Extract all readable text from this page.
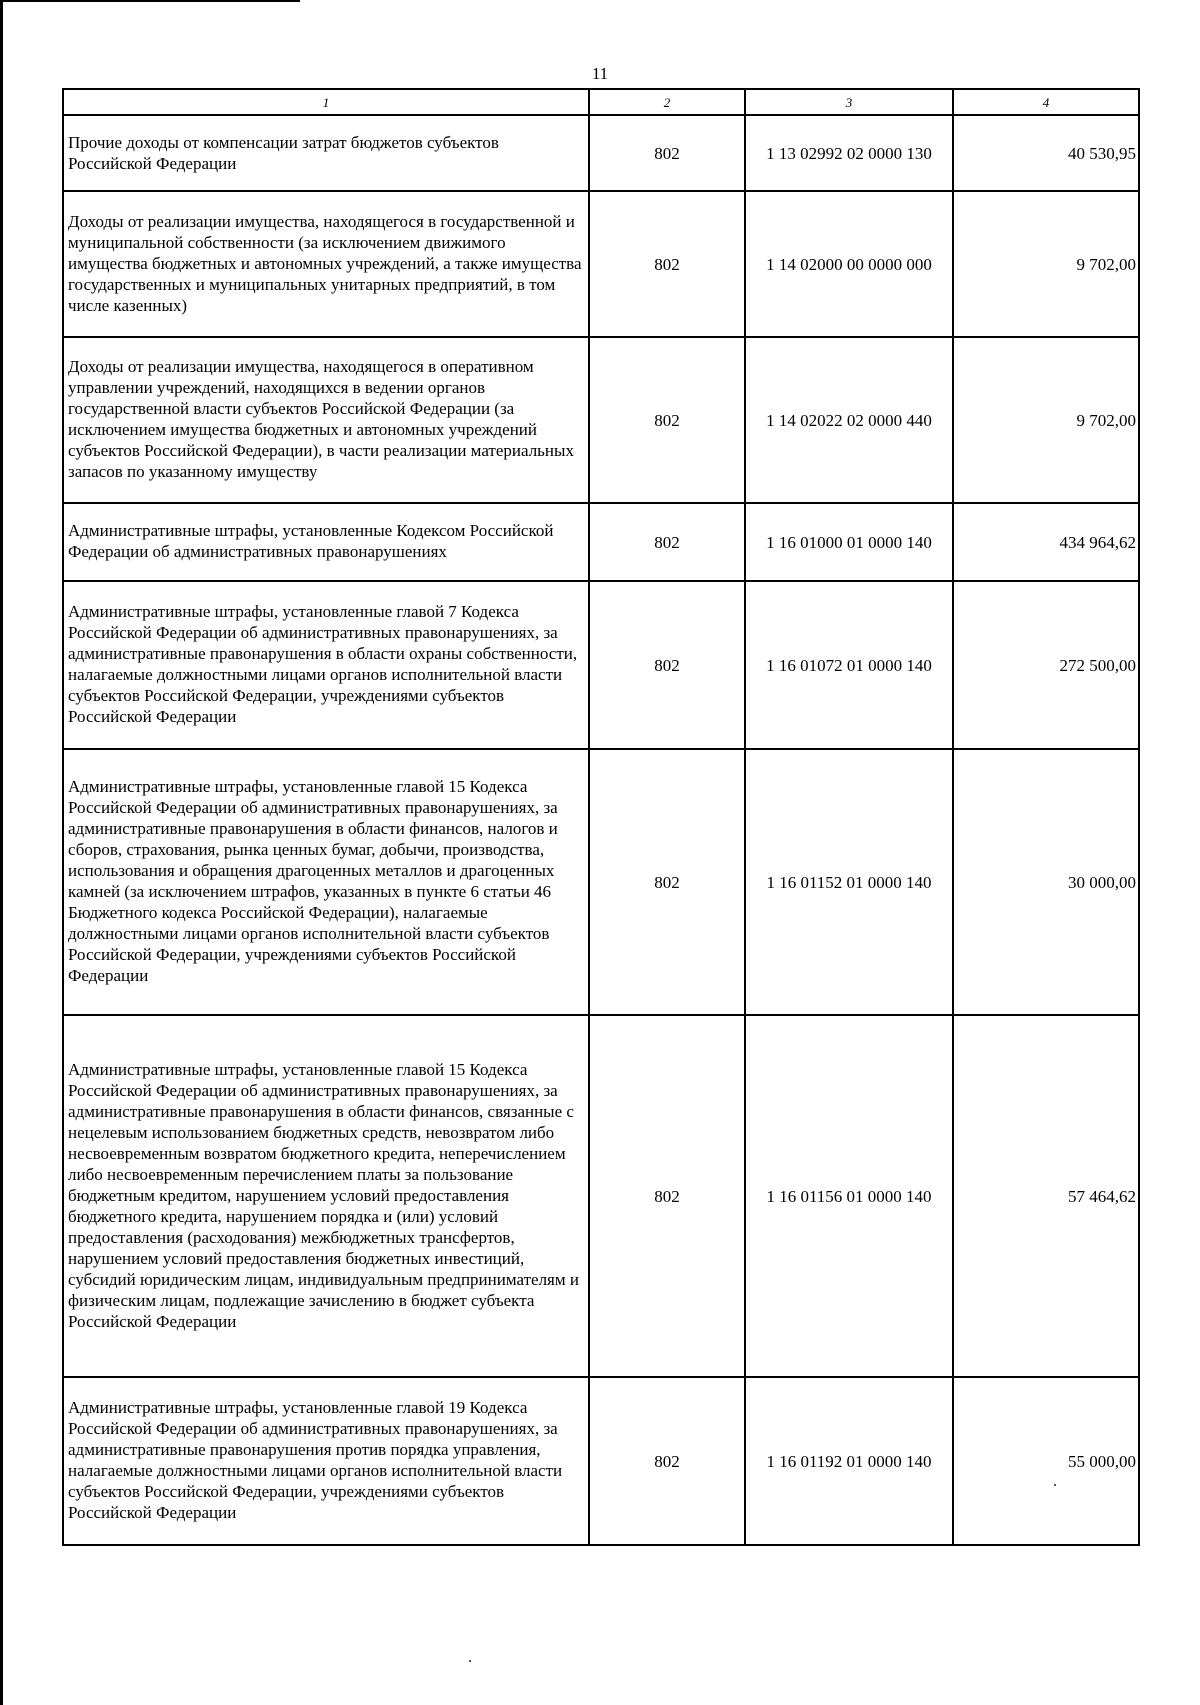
11
1	2	3	4
Прочие доходы от компенсации затрат бюджетов субъектов Российской Федерации	802	1 13 02992 02 0000 130	40 530,95
Доходы от реализации имущества, находящегося в государственной и муниципальной собственности (за исключением движимого имущества бюджетных и автономных учреждений, а также имущества государственных и муниципальных унитарных предприятий, в том числе казенных)	802	1 14 02000 00 0000 000	9 702,00
Доходы от реализации имущества, находящегося в оперативном управлении учреждений, находящихся в ведении органов государственной власти субъектов Российской Федерации (за исключением имущества бюджетных и автономных учреждений субъектов Российской Федерации), в части реализации материальных запасов по указанному имуществу	802	1 14 02022 02 0000 440	9 702,00
Административные штрафы, установленные Кодексом Российской Федерации об административных правонарушениях	802	1 16 01000 01 0000 140	434 964,62
Административные штрафы, установленные главой 7 Кодекса Российской Федерации об административных правонарушениях, за административные правонарушения в области охраны собственности, налагаемые должностными лицами органов исполнительной власти субъектов Российской Федерации, учреждениями субъектов Российской Федерации	802	1 16 01072 01 0000 140	272 500,00
Административные штрафы, установленные главой 15 Кодекса Российской Федерации об административных правонарушениях, за административные правонарушения в области финансов, налогов и сборов, страхования, рынка ценных бумаг, добычи, производства, использования и обращения драгоценных металлов и драгоценных камней (за исключением штрафов, указанных в пункте 6 статьи 46 Бюджетного кодекса Российской Федерации), налагаемые должностными лицами органов исполнительной власти субъектов Российской Федерации, учреждениями субъектов Российской Федерации	802	1 16 01152 01 0000 140	30 000,00
Административные штрафы, установленные главой 15 Кодекса Российской Федерации об административных правонарушениях, за административные правонарушения в области финансов, связанные с нецелевым использованием бюджетных средств, невозвратом либо несвоевременным возвратом бюджетного кредита, неперечислением либо несвоевременным перечислением платы за пользование бюджетным кредитом, нарушением условий предоставления бюджетного кредита, нарушением порядка и (или) условий предоставления (расходования) межбюджетных трансфертов, нарушением условий предоставления бюджетных инвестиций, субсидий юридическим лицам, индивидуальным предпринимателям и физическим лицам, подлежащие зачислению в бюджет субъекта Российской Федерации	802	1 16 01156 01 0000 140	57 464,62
Административные штрафы, установленные главой 19 Кодекса Российской Федерации об административных правонарушениях, за административные правонарушения против порядка управления, налагаемые должностными лицами органов исполнительной власти субъектов Российской Федерации, учреждениями субъектов Российской Федерации	802	1 16 01192 01 0000 140	55 000,00
